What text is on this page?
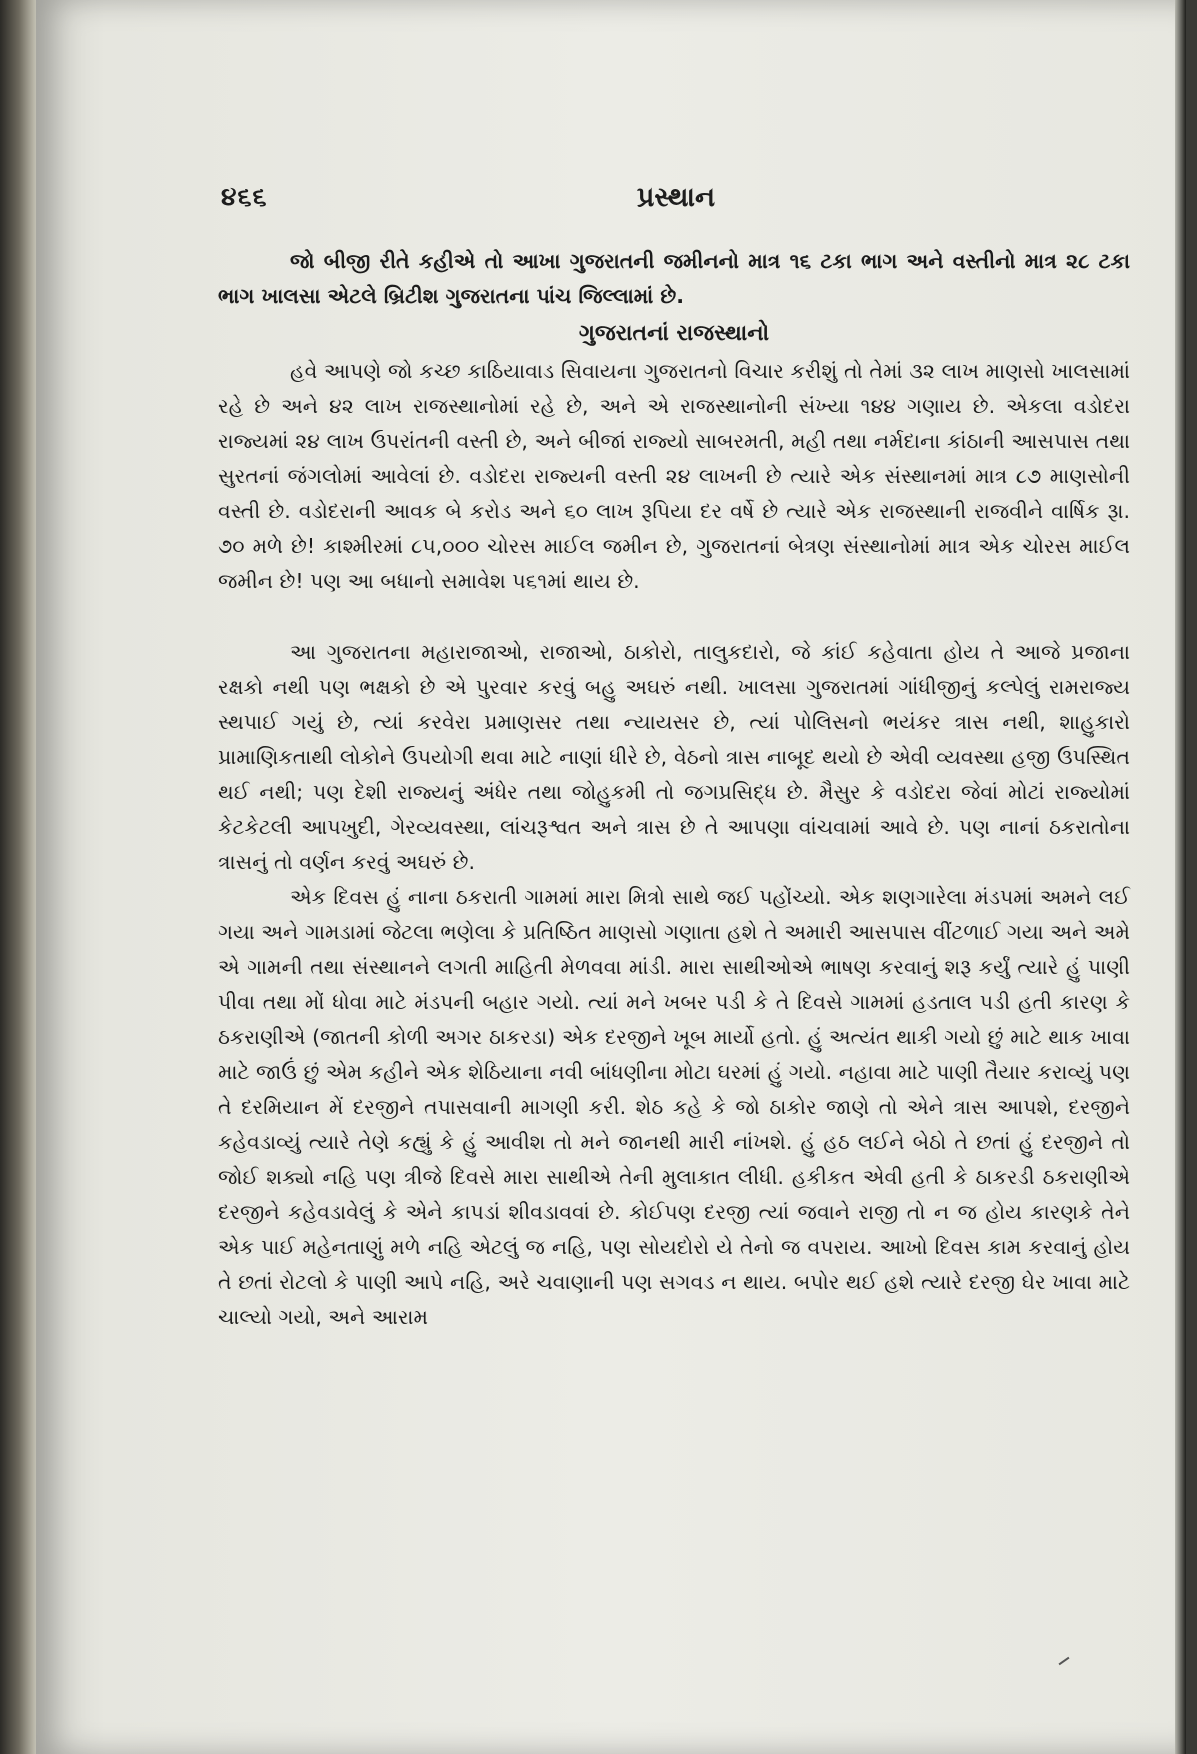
૪૬૬	પ્રસ્થાન

જો બીજી રીતે કહીએ તો આખા ગુજરાતની જમીનનો માત્ર ૧૬ ટકા ભાગ અને વસ્તીનો માત્ર ૨૮ ટકા ભાગ ખાલસા એટલે બ્રિટીશ ગુજરાતના પાંચ જિલ્લામાં છે.

ગુજરાતનાં રાજસ્થાનો

હવે આપણે જો કચ્છ કાઠિયાવાડ સિવાયના ગુજરાતનો વિચાર કરીશું તો તેમાં ૩૨ લાખ માણસો ખાલસામાં રહે છે અને ૪૨ લાખ રાજસ્થાનોમાં રહે છે, અને એ રાજસ્થાનોની સંખ્યા ૧૪૪ ગણાય છે. એકલા વડોદરા રાજ્યમાં ૨૪ લાખ ઉપરાંતની વસ્તી છે, અને બીજાં રાજ્યો સાબરમતી, મહી તથા નર્મદાના કાંઠાની આસપાસ તથા સુરતનાં જંગલોમાં આવેલાં છે. વડોદરા રાજ્યની વસ્તી ૨૪ લાખની છે ત્યારે એક સંસ્થાનમાં માત્ર ૮૭ માણસોની વસ્તી છે. વડોદરાની આવક બે કરોડ અને ૬૦ લાખ રૂપિયા દર વર્ષે છે ત્યારે એક રાજસ્થાની રાજવીને વાર્ષિક રૂા. ૭૦ મળે છે! કાશ્મીરમાં ૮૫,૦૦૦ ચોરસ માઈલ જમીન છે, ગુજરાતનાં બેત્રણ સંસ્થાનોમાં માત્ર એક ચોરસ માઈલ જમીન છે! પણ આ બધાનો સમાવેશ ૫૬૧માં થાય છે.

આ ગુજરાતના મહારાજાઓ, રાજાઓ, ઠાકોરો, તાલુકદારો, જે કાંઈ કહેવાતા હોય તે આજે પ્રજાના રક્ષકો નથી પણ ભક્ષકો છે એ પુરવાર કરવું બહુ અઘરું નથી. ખાલસા ગુજરાતમાં ગાંધીજીનું કલ્પેલું રામરાજ્ય સ્થપાઈ ગયું છે, ત્યાં કરવેરા પ્રમાણસર તથા ન્યાયસર છે, ત્યાં પોલિસનો ભયંકર ત્રાસ નથી, શાહુકારો પ્રામાણિકતાથી લોકોને ઉપયોગી થવા માટે નાણાં ધીરે છે, વેઠનો ત્રાસ નાબૂદ થયો છે એવી વ્યવસ્થા હજી ઉપસ્થિત થઈ નથી; પણ દેશી રાજ્યનું અંધેર તથા જોહુકમી તો જગપ્રસિદ્ધ છે. મૈસુર કે વડોદરા જેવાં મોટાં રાજ્યોમાં કેટકેટલી આપખુદી, ગેરવ્યવસ્થા, લાંચરૂશ્વત અને ત્રાસ છે તે આપણા વાંચવામાં આવે છે. પણ નાનાં ઠકરાતોના ત્રાસનું તો વર્ણન કરવું અઘરું છે.

એક દિવસ હું નાના ઠકરાતી ગામમાં મારા મિત્રો સાથે જઈ પહોંચ્યો. એક શણગારેલા મંડપમાં અમને લઈ ગયા અને ગામડામાં જેટલા ભણેલા કે પ્રતિષ્ઠિત માણસો ગણાતા હશે તે અમારી આસપાસ વીંટળાઈ ગયા અને અમે એ ગામની તથા સંસ્થાનને લગતી માહિતી મેળવવા માંડી. મારા સાથીઓએ ભાષણ કરવાનું શરૂ કર્યું ત્યારે હું પાણી પીવા તથા મોં ધોવા માટે મંડપની બહાર ગયો. ત્યાં મને ખબર પડી કે તે દિવસે ગામમાં હડતાલ પડી હતી કારણ કે ઠકરાણીએ (જાતની કોળી અગર ઠાકરડા) એક દરજીને ખૂબ માર્યો હતો. હું અત્યંત થાકી ગયો છું માટે થાક ખાવા માટે જાઉં છું એમ કહીને એક શેઠિયાના નવી બાંધણીના મોટા ઘરમાં હું ગયો. નહાવા માટે પાણી તૈયાર કરાવ્યું પણ તે દરમિયાન મેં દરજીને તપાસવાની માગણી કરી. શેઠ કહે કે જો ઠાકોર જાણે તો એને ત્રાસ આપશે, દરજીને કહેવડાવ્યું ત્યારે તેણે કહ્યું કે હું આવીશ તો મને જાનથી મારી નાંખશે. હું હઠ લઈને બેઠો તે છતાં હું દરજીને તો જોઈ શક્યો નહિ પણ ત્રીજે દિવસે મારા સાથીએ તેની મુલાકાત લીધી. હકીકત એવી હતી કે ઠાકરડી ઠકરાણીએ દરજીને કહેવડાવેલું કે એને કાપડાં શીવડાવવાં છે. કોઈપણ દરજી ત્યાં જવાને રાજી તો ન જ હોય કારણકે તેને એક પાઈ મહેનતાણું મળે નહિ એટલું જ નહિ, પણ સોયદોરો યે તેનો જ વપરાય. આખો દિવસ કામ કરવાનું હોય તે છતાં રોટલો કે પાણી આપે નહિ, અરે ચવાણાની પણ સગવડ ન થાય. બપોર થઈ હશે ત્યારે દરજી ઘેર ખાવા માટે ચાલ્યો ગયો, અને આરામ
